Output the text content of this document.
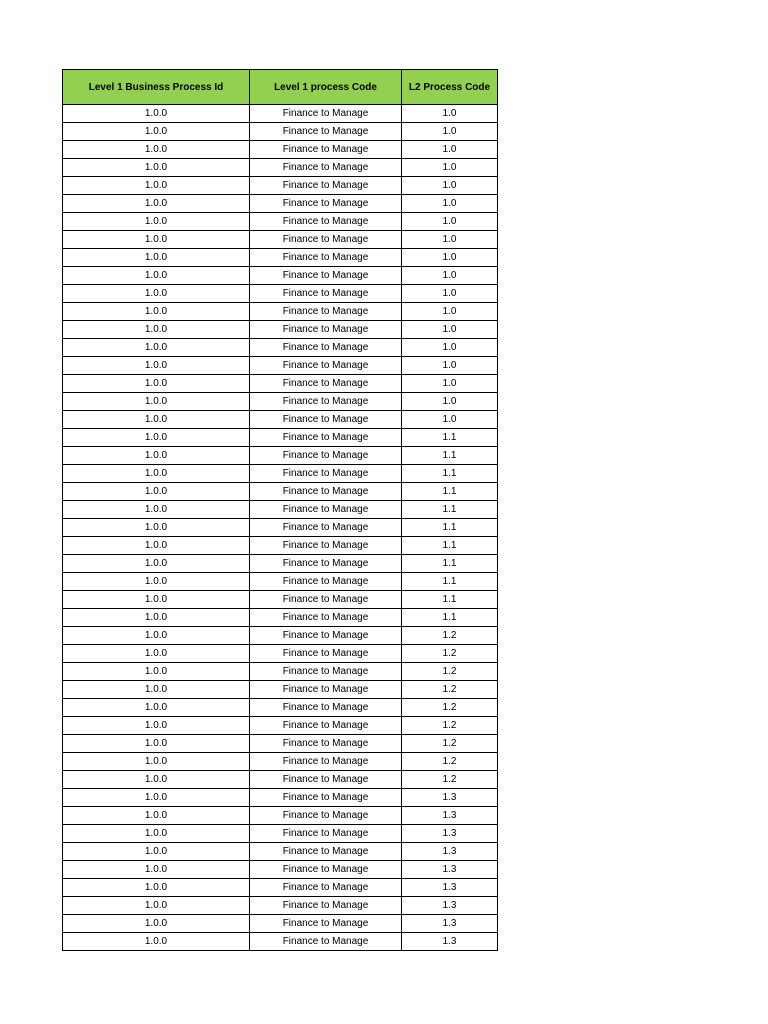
Level 1 Business Process Id	Level 1 process Code	L2 Process Code
1.0.0	Finance to Manage	1.0
1.0.0	Finance to Manage	1.0
1.0.0	Finance to Manage	1.0
1.0.0	Finance to Manage	1.0
1.0.0	Finance to Manage	1.0
1.0.0	Finance to Manage	1.0
1.0.0	Finance to Manage	1.0
1.0.0	Finance to Manage	1.0
1.0.0	Finance to Manage	1.0
1.0.0	Finance to Manage	1.0
1.0.0	Finance to Manage	1.0
1.0.0	Finance to Manage	1.0
1.0.0	Finance to Manage	1.0
1.0.0	Finance to Manage	1.0
1.0.0	Finance to Manage	1.0
1.0.0	Finance to Manage	1.0
1.0.0	Finance to Manage	1.0
1.0.0	Finance to Manage	1.0
1.0.0	Finance to Manage	1.1
1.0.0	Finance to Manage	1.1
1.0.0	Finance to Manage	1.1
1.0.0	Finance to Manage	1.1
1.0.0	Finance to Manage	1.1
1.0.0	Finance to Manage	1.1
1.0.0	Finance to Manage	1.1
1.0.0	Finance to Manage	1.1
1.0.0	Finance to Manage	1.1
1.0.0	Finance to Manage	1.1
1.0.0	Finance to Manage	1.1
1.0.0	Finance to Manage	1.2
1.0.0	Finance to Manage	1.2
1.0.0	Finance to Manage	1.2
1.0.0	Finance to Manage	1.2
1.0.0	Finance to Manage	1.2
1.0.0	Finance to Manage	1.2
1.0.0	Finance to Manage	1.2
1.0.0	Finance to Manage	1.2
1.0.0	Finance to Manage	1.2
1.0.0	Finance to Manage	1.3
1.0.0	Finance to Manage	1.3
1.0.0	Finance to Manage	1.3
1.0.0	Finance to Manage	1.3
1.0.0	Finance to Manage	1.3
1.0.0	Finance to Manage	1.3
1.0.0	Finance to Manage	1.3
1.0.0	Finance to Manage	1.3
1.0.0	Finance to Manage	1.3
